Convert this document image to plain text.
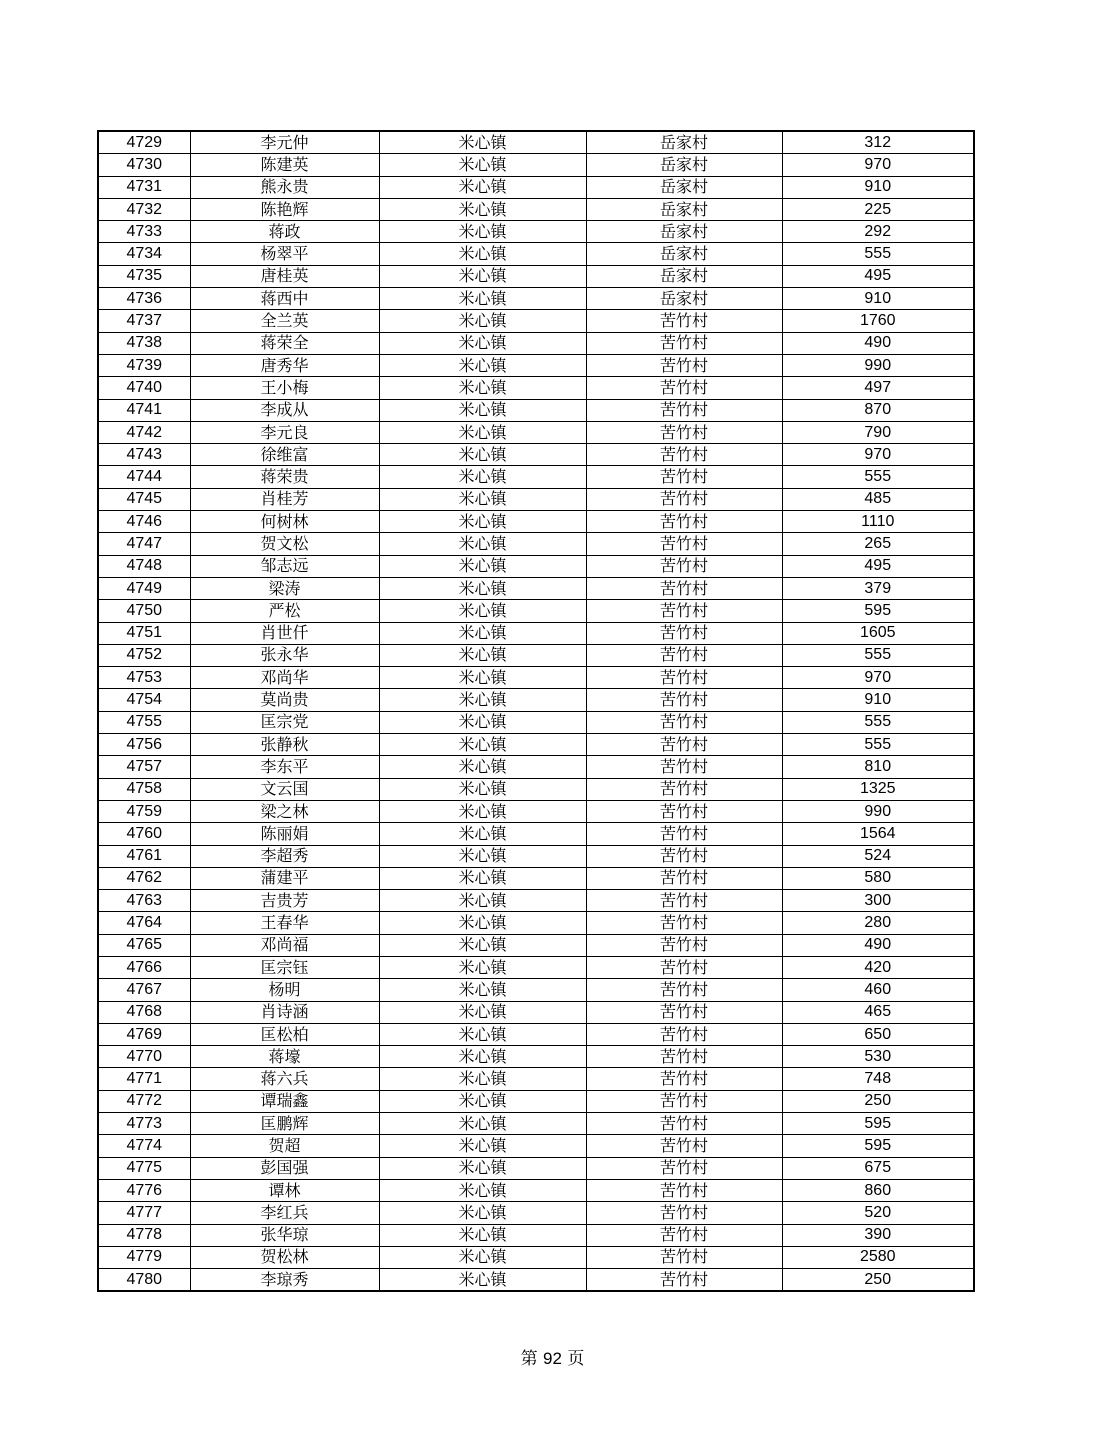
4729	李元仲	米心镇	岳家村	312
4730	陈建英	米心镇	岳家村	970
4731	熊永贵	米心镇	岳家村	910
4732	陈艳辉	米心镇	岳家村	225
4733	蒋政	米心镇	岳家村	292
4734	杨翠平	米心镇	岳家村	555
4735	唐桂英	米心镇	岳家村	495
4736	蒋西中	米心镇	岳家村	910
4737	全兰英	米心镇	苦竹村	1760
4738	蒋荣全	米心镇	苦竹村	490
4739	唐秀华	米心镇	苦竹村	990
4740	王小梅	米心镇	苦竹村	497
4741	李成从	米心镇	苦竹村	870
4742	李元良	米心镇	苦竹村	790
4743	徐维富	米心镇	苦竹村	970
4744	蒋荣贵	米心镇	苦竹村	555
4745	肖桂芳	米心镇	苦竹村	485
4746	何树林	米心镇	苦竹村	1110
4747	贺文松	米心镇	苦竹村	265
4748	邹志远	米心镇	苦竹村	495
4749	梁涛	米心镇	苦竹村	379
4750	严松	米心镇	苦竹村	595
4751	肖世仟	米心镇	苦竹村	1605
4752	张永华	米心镇	苦竹村	555
4753	邓尚华	米心镇	苦竹村	970
4754	莫尚贵	米心镇	苦竹村	910
4755	匡宗党	米心镇	苦竹村	555
4756	张静秋	米心镇	苦竹村	555
4757	李东平	米心镇	苦竹村	810
4758	文云国	米心镇	苦竹村	1325
4759	梁之林	米心镇	苦竹村	990
4760	陈丽娟	米心镇	苦竹村	1564
4761	李超秀	米心镇	苦竹村	524
4762	蒲建平	米心镇	苦竹村	580
4763	吉贵芳	米心镇	苦竹村	300
4764	王春华	米心镇	苦竹村	280
4765	邓尚福	米心镇	苦竹村	490
4766	匡宗钰	米心镇	苦竹村	420
4767	杨明	米心镇	苦竹村	460
4768	肖诗涵	米心镇	苦竹村	465
4769	匡松柏	米心镇	苦竹村	650
4770	蒋壕	米心镇	苦竹村	530
4771	蒋六兵	米心镇	苦竹村	748
4772	谭瑞鑫	米心镇	苦竹村	250
4773	匡鹏辉	米心镇	苦竹村	595
4774	贺超	米心镇	苦竹村	595
4775	彭国强	米心镇	苦竹村	675
4776	谭林	米心镇	苦竹村	860
4777	李红兵	米心镇	苦竹村	520
4778	张华琼	米心镇	苦竹村	390
4779	贺松林	米心镇	苦竹村	2580
4780	李琼秀	米心镇	苦竹村	250
第 92 页
